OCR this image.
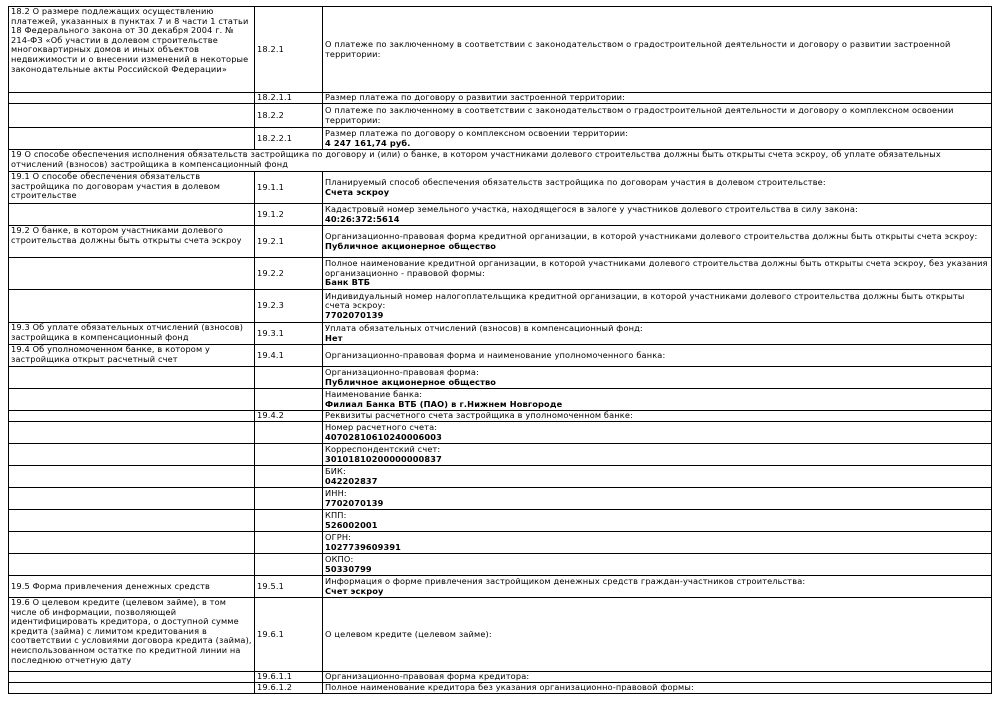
18.2 О размере подлежащих осуществлению платежей, указанных в пунктах 7 и 8 части 1 статьи 18 Федерального закона от 30 декабря 2004 г. № 214-ФЗ «Об участии в долевом строительстве многоквартирных домов и иных объектов недвижимости и о внесении изменений в некоторые законодательные акты Российской Федерации»	18.2.1	О платеже по заключенному в соответствии с законодательством о градостроительной деятельности и договору о развитии застроенной территории:

	18.2.1.1	Размер платежа по договору о развитии застроенной территории:

	18.2.2	О платеже по заключенному в соответствии с законодательством о градостроительной деятельности и договору о комплексном освоении территории:

	18.2.2.1	Размер платежа по договору о комплексном освоении территории:
4 247 161,74 руб.

19 О способе обеспечения исполнения обязательств застройщика по договору и (или) о банке, в котором участниками долевого строительства должны быть открыты счета эскроу, об уплате обязательных отчислений (взносов) застройщика в компенсационный фонд		
19.1 О способе обеспечения обязательств застройщика по договорам участия в долевом строительстве	19.1.1	Планируемый способ обеспечения обязательств застройщика по договорам участия в долевом строительстве:
Счета эскроу

	19.1.2	Кадастровый номер земельного участка, находящегося в залоге у участников долевого строительства в силу закона:
40:26:372:5614

19.2 О банке, в котором участниками долевого строительства должны быть открыты счета эскроу	19.2.1	Организационно-правовая форма кредитной организации, в которой участниками долевого строительства должны быть открыты счета эскроу:
Публичное акционерное общество

	19.2.2	Полное наименование кредитной организации, в которой участниками долевого строительства должны быть открыты счета эскроу, без указания организационно - правовой формы:
Банк ВТБ

	19.2.3	Индивидуальный номер налогоплательщика кредитной организации, в которой участниками долевого строительства должны быть открыты счета эскроу:
7702070139

19.3 Об уплате обязательных отчислений (взносов) застройщика в компенсационный фонд	19.3.1	Уплата обязательных отчислений (взносов) в компенсационный фонд:
Нет

19.4 Об уполномоченном банке, в котором у застройщика открыт расчетный счет	19.4.1	Организационно-правовая форма и наименование уполномоченного банка:

		Организационно-правовая форма:
Публичное акционерное общество

		Наименование банка:
Филиал Банка ВТБ (ПАО) в г.Нижнем Новгороде

	19.4.2	Реквизиты расчетного счета застройщика в уполномоченном банке:

		Номер расчетного счета:
40702810610240006003

		Корреспондентский счет:
30101810200000000837

		БИК:
042202837

		ИНН:
7702070139

		КПП:
526002001

		ОГРН:
1027739609391

		ОКПО:
50330799

19.5 Форма привлечения денежных средств	19.5.1	Информация о форме привлечения застройщиком денежных средств граждан-участников строительства:
Счет эскроу

19.6 О целевом кредите (целевом займе), в том числе об информации, позволяющей идентифицировать кредитора, о доступной сумме кредита (займа) с лимитом кредитования в соответствии с условиями договора кредита (займа), неиспользованном остатке по кредитной линии на последнюю отчетную дату	19.6.1	О целевом кредите (целевом займе):

	19.6.1.1	Организационно-правовая форма кредитора:

	19.6.1.2	Полное наименование кредитора без указания организационно-правовой формы:
